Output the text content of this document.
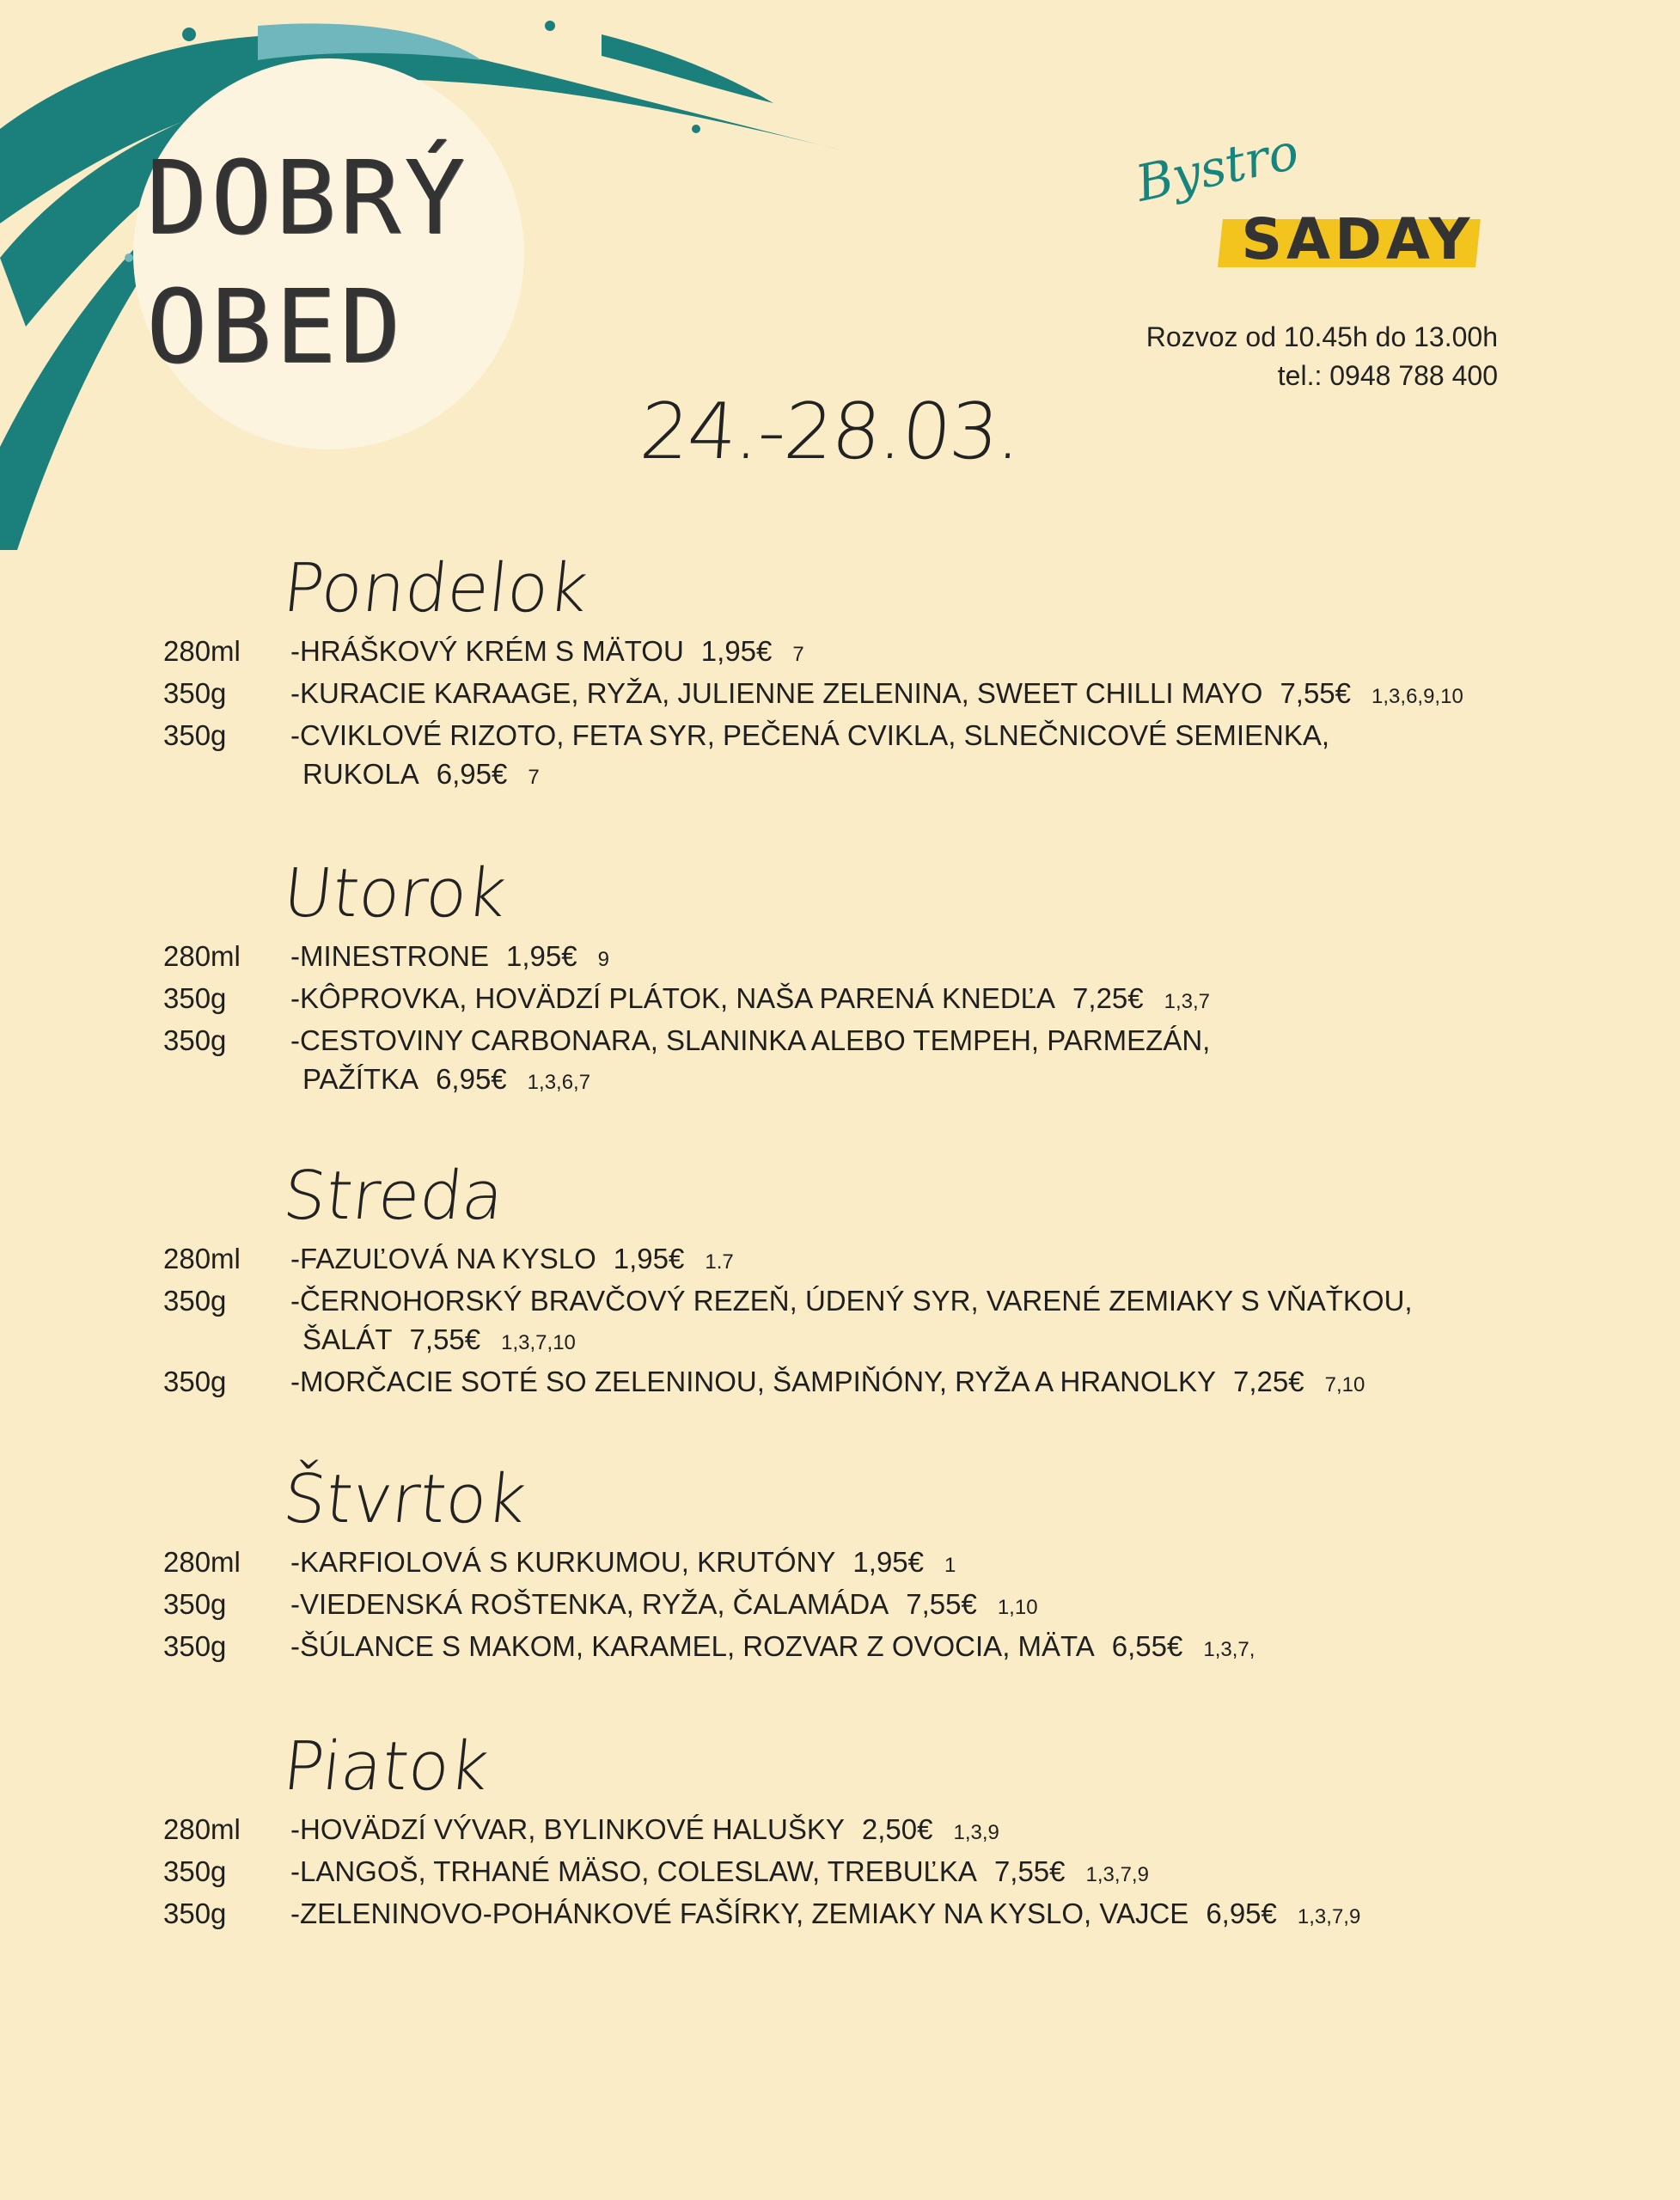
DOBRÝ
OBED
24.-28.03.
Bystro
SADAY
Rozvoz od 10.45h do 13.00h
tel.: 0948 788 400
Pondelok
280ml	-HRÁŠKOVÝ KRÉM S MÄTOU 1,95€ 7
350g	-KURACIE KARAAGE, RYŽA, JULIENNE ZELENINA, SWEET CHILLI MAYO 7,55€ 1,3,6,9,10
350g	-CVIKLOVÉ RIZOTO, FETA SYR, PEČENÁ CVIKLA, SLNEČNICOVÉ SEMIENKA,
RUKOLA 6,95€ 7
Utorok
280ml	-MINESTRONE 1,95€ 9
350g	-KÔPROVKA, HOVÄDZÍ PLÁTOK, NAŠA PARENÁ KNEDĽA 7,25€ 1,3,7
350g	-CESTOVINY CARBONARA, SLANINKA ALEBO TEMPEH, PARMEZÁN,
PAŽÍTKA 6,95€ 1,3,6,7
Streda
280ml	-FAZUĽOVÁ NA KYSLO 1,95€ 1.7
350g	-ČERNOHORSKÝ BRAVČOVÝ REZEŇ, ÚDENÝ SYR, VARENÉ ZEMIAKY S VŇAŤKOU,
ŠALÁT 7,55€ 1,3,7,10
350g	-MORČACIE SOTÉ SO ZELENINOU, ŠAMPIŇÓNY, RYŽA A HRANOLKY 7,25€ 7,10
Štvrtok
280ml	-KARFIOLOVÁ S KURKUMOU, KRUTÓNY 1,95€ 1
350g	-VIEDENSKÁ ROŠTENKA, RYŽA, ČALAMÁDA 7,55€ 1,10
350g	-ŠÚLANCE S MAKOM, KARAMEL, ROZVAR Z OVOCIA, MÄTA 6,55€ 1,3,7,
Piatok
280ml	-HOVÄDZÍ VÝVAR, BYLINKOVÉ HALUŠKY 2,50€ 1,3,9
350g	-LANGOŠ, TRHANÉ MÄSO, COLESLAW, TREBUĽKA 7,55€ 1,3,7,9
350g	-ZELENINOVO-POHÁNKOVÉ FAŠÍRKY, ZEMIAKY NA KYSLO, VAJCE 6,95€ 1,3,7,9
